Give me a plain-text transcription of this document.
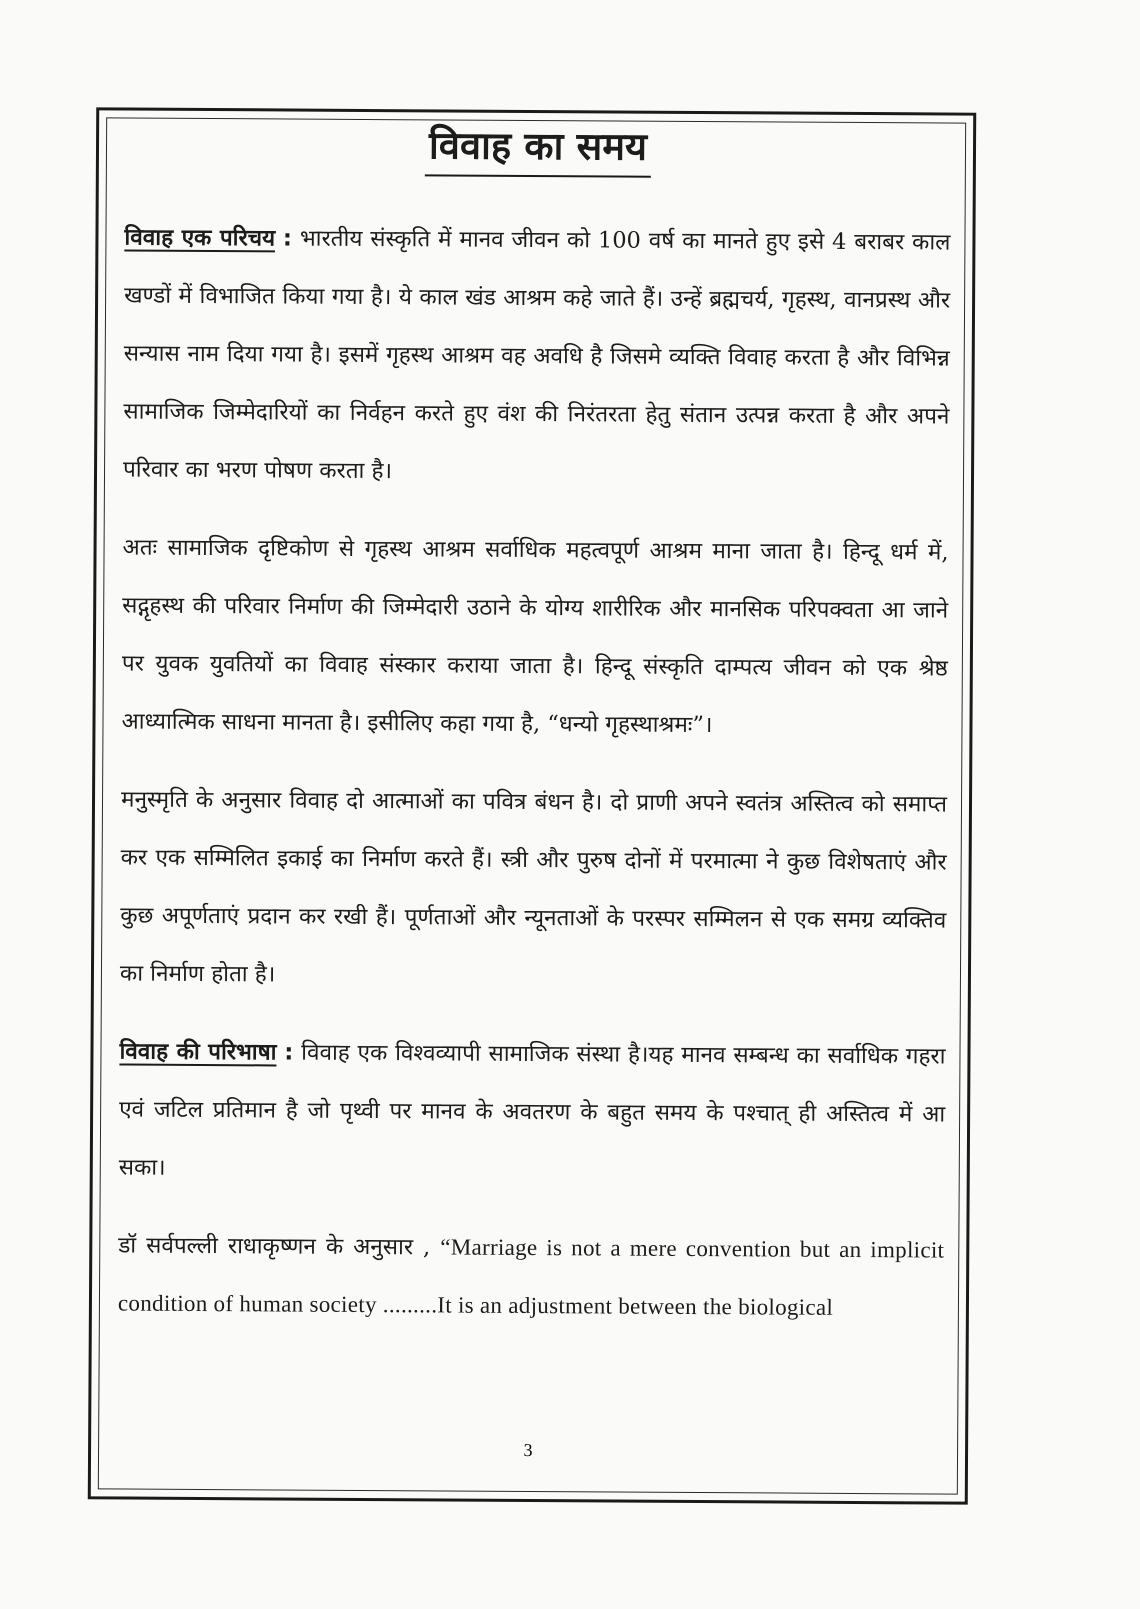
विवाह का समय

विवाह एक परिचय : भारतीय संस्कृति में मानव जीवन को 100 वर्ष का मानते हुए इसे 4 बराबर काल खण्डों में विभाजित किया गया है। ये काल खंड आश्रम कहे जाते हैं। उन्हें ब्रह्मचर्य, गृहस्थ, वानप्रस्थ और सन्यास नाम दिया गया है। इसमें गृहस्थ आश्रम वह अवधि है जिसमे व्यक्ति विवाह करता है और विभिन्न सामाजिक जिम्मेदारियों का निर्वहन करते हुए वंश की निरंतरता हेतु संतान उत्पन्न करता है और अपने परिवार का भरण पोषण करता है।

अतः सामाजिक दृष्टिकोण से गृहस्थ आश्रम सर्वाधिक महत्वपूर्ण आश्रम माना जाता है। हिन्दू धर्म में, सद्गृहस्थ की परिवार निर्माण की जिम्मेदारी उठाने के योग्य शारीरिक और मानसिक परिपक्वता आ जाने पर युवक युवतियों का विवाह संस्कार कराया जाता है। हिन्दू संस्कृति दाम्पत्य जीवन को एक श्रेष्ठ आध्यात्मिक साधना मानता है। इसीलिए कहा गया है, “धन्यो गृहस्थाश्रमः”।

मनुस्मृति के अनुसार विवाह दो आत्माओं का पवित्र बंधन है। दो प्राणी अपने स्वतंत्र अस्तित्व को समाप्त कर एक सम्मिलित इकाई का निर्माण करते हैं। स्त्री और पुरुष दोनों में परमात्मा ने कुछ विशेषताएं और कुछ अपूर्णताएं प्रदान कर रखी हैं। पूर्णताओं और न्यूनताओं के परस्पर सम्मिलन से एक समग्र व्यक्तिव का निर्माण होता है।

विवाह की परिभाषा : विवाह एक विश्वव्यापी सामाजिक संस्था है।यह मानव सम्बन्ध का सर्वाधिक गहरा एवं जटिल प्रतिमान है जो पृथ्वी पर मानव के अवतरण के बहुत समय के पश्चात् ही अस्तित्व में आ सका।

डॉ सर्वपल्ली राधाकृष्णन के अनुसार , “Marriage is not a mere convention but an implicit condition of human society .........It is an adjustment between the biological

3
